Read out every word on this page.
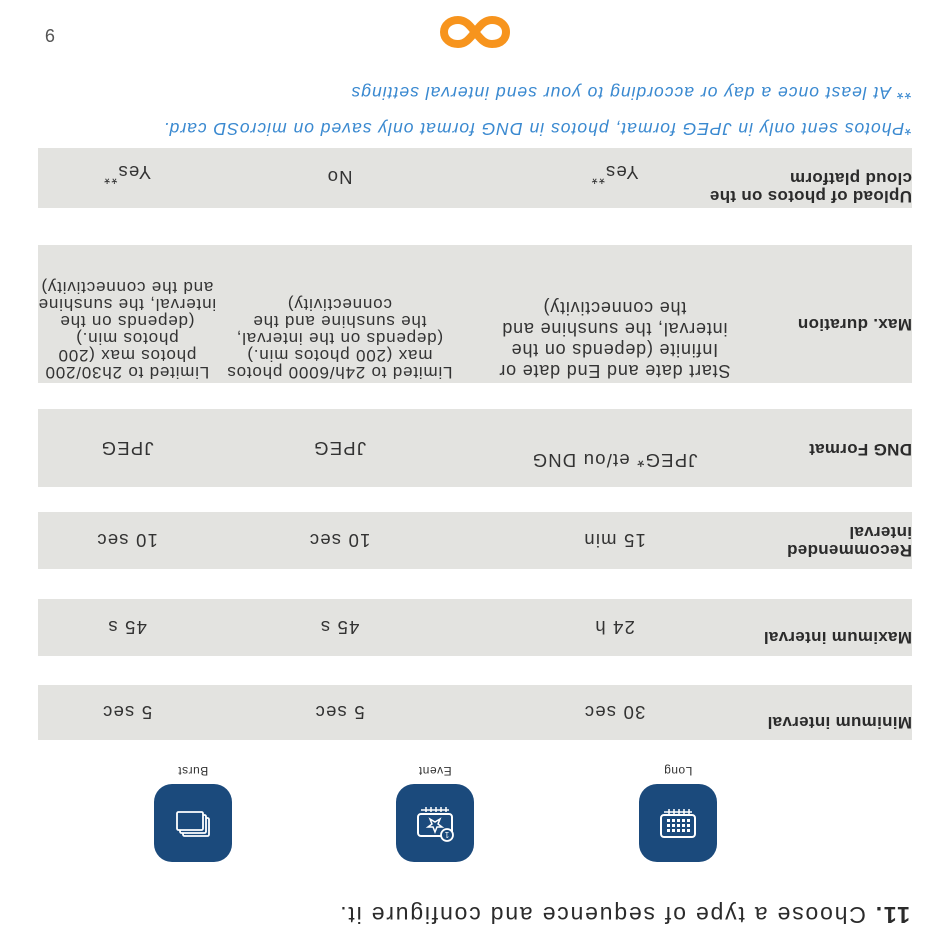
11.Choose a type of sequence and configure it.
Long
1
Event
Burst
Minimum interval
30 sec
5 sec
5 sec
Maximum interval
24 h
45 s
45 s
Recommended interval
15 min
10 sec
10 sec
DNG Format
JPEG* et/ou DNG
JPEG
JPEG
Max. duration
Start date and End date or Infinite (depends on the interval, the sunshine and the connectivity)
Limited to 24h/6000 photos max (200 photos min.) (depends on the interval, the sunshine and the connectivity)
Limited to 2h30/200 photos max (200 photos min.) (depends on the interval, the sunshine and the connectivity)
Upload of photos on the cloud platform
Yes**
No
Yes**
*Photos sent only in JPEG format, photos in DNG format only saved on microSD card.
** At least once a day or according to your send interval settings

9
